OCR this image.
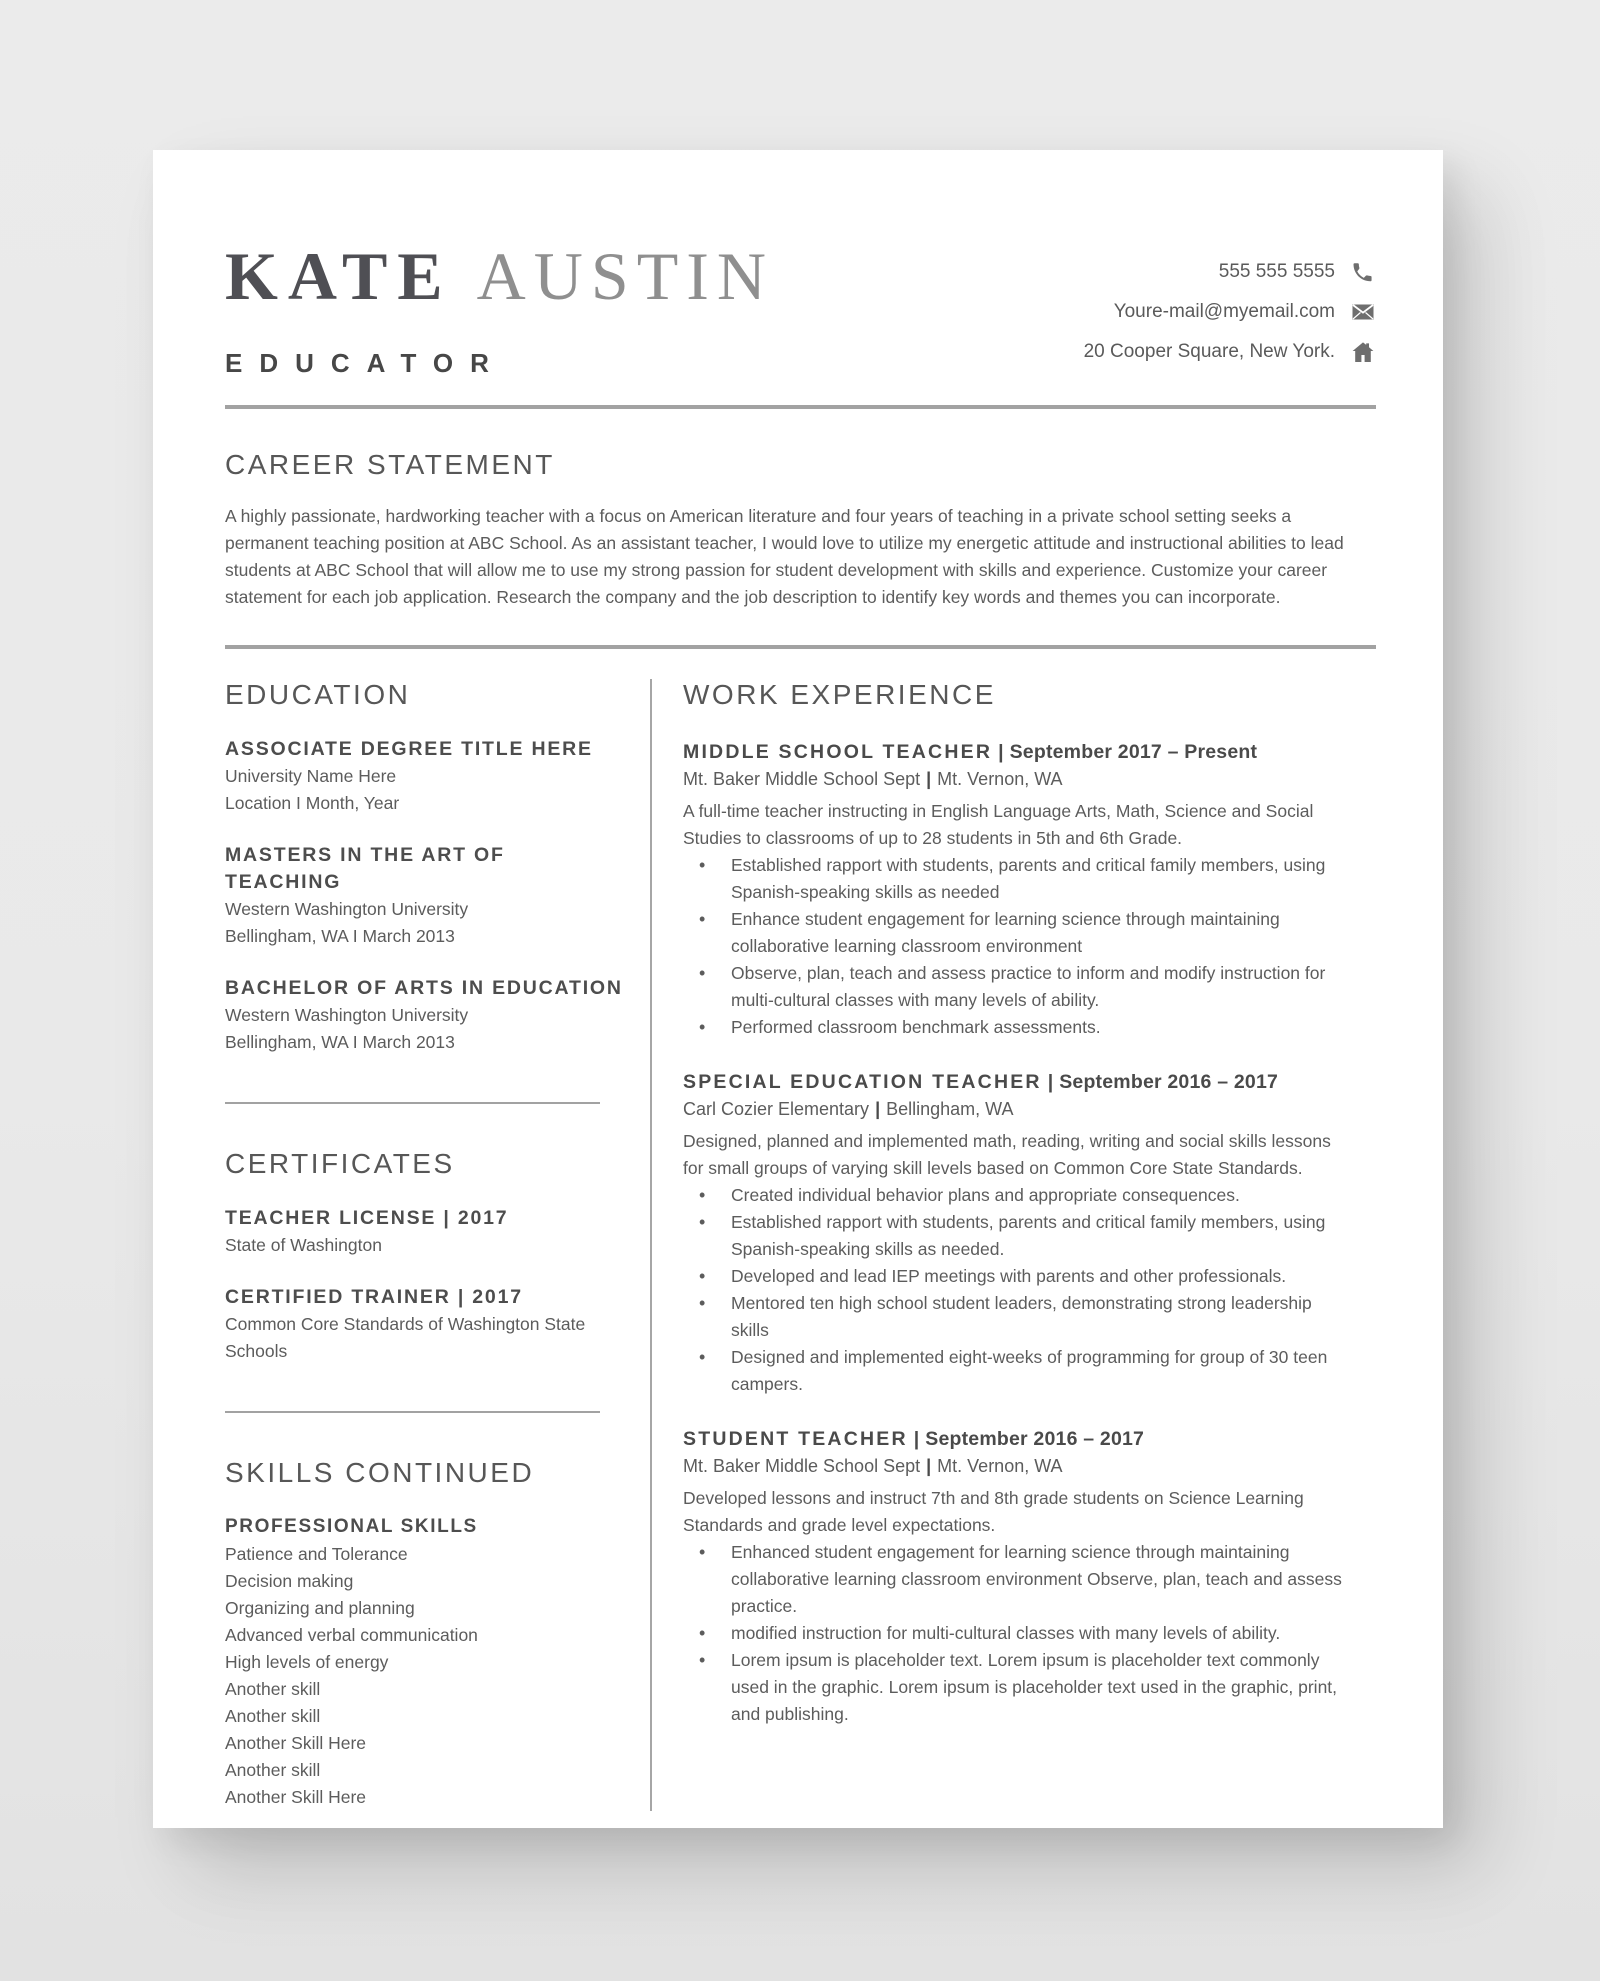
KATE AUSTIN
EDUCATOR
555 555 5555
Youre-mail@myemail.com
20 Cooper Square, New York.
CAREER STATEMENT

A highly passionate, hardworking teacher with a focus on American literature and four years of teaching in a private school setting seeks a permanent teaching position at ABC School. As an assistant teacher, I would love to utilize my energetic attitude and instructional abilities to lead students at ABC School that will allow me to use my strong passion for student development with skills and experience. Customize your career statement for each job application. Research the company and the job description to identify key words and themes you can incorporate.

EDUCATION
ASSOCIATE DEGREE TITLE HERE
University Name Here
Location I Month, Year
MASTERS IN THE ART OF TEACHING
Western Washington University
Bellingham, WA I March 2013
BACHELOR OF ARTS IN EDUCATION
Western Washington University
Bellingham, WA I March 2013
CERTIFICATES
TEACHER LICENSE | 2017
State of Washington
CERTIFIED TRAINER | 2017
Common Core Standards of Washington State Schools
SKILLS CONTINUED
PROFESSIONAL SKILLS
Patience and Tolerance
Decision making
Organizing and planning
Advanced verbal communication
High levels of energy
Another skill
Another skill
Another Skill Here
Another skill
Another Skill Here
WORK EXPERIENCE
MIDDLE SCHOOL TEACHER | September 2017 – Present
Mt. Baker Middle School Sept | Mt. Vernon, WA
A full-time teacher instructing in English Language Arts, Math, Science and Social Studies to classrooms of up to 28 students in 5th and 6th Grade.
• Established rapport with students, parents and critical family members, using Spanish-speaking skills as needed
• Enhance student engagement for learning science through maintaining collaborative learning classroom environment
• Observe, plan, teach and assess practice to inform and modify instruction for multi-cultural classes with many levels of ability.
• Performed classroom benchmark assessments.
SPECIAL EDUCATION TEACHER | September 2016 – 2017
Carl Cozier Elementary | Bellingham, WA
Designed, planned and implemented math, reading, writing and social skills lessons for small groups of varying skill levels based on Common Core State Standards.
• Created individual behavior plans and appropriate consequences.
• Established rapport with students, parents and critical family members, using Spanish-speaking skills as needed.
• Developed and lead IEP meetings with parents and other professionals.
• Mentored ten high school student leaders, demonstrating strong leadership skills
• Designed and implemented eight-weeks of programming for group of 30 teen campers.
STUDENT TEACHER | September 2016 – 2017
Mt. Baker Middle School Sept | Mt. Vernon, WA
Developed lessons and instruct 7th and 8th grade students on Science Learning Standards and grade level expectations.
• Enhanced student engagement for learning science through maintaining collaborative learning classroom environment Observe, plan, teach and assess practice.
• modified instruction for multi-cultural classes with many levels of ability.
• Lorem ipsum is placeholder text. Lorem ipsum is placeholder text commonly used in the graphic. Lorem ipsum is placeholder text used in the graphic, print, and publishing.
